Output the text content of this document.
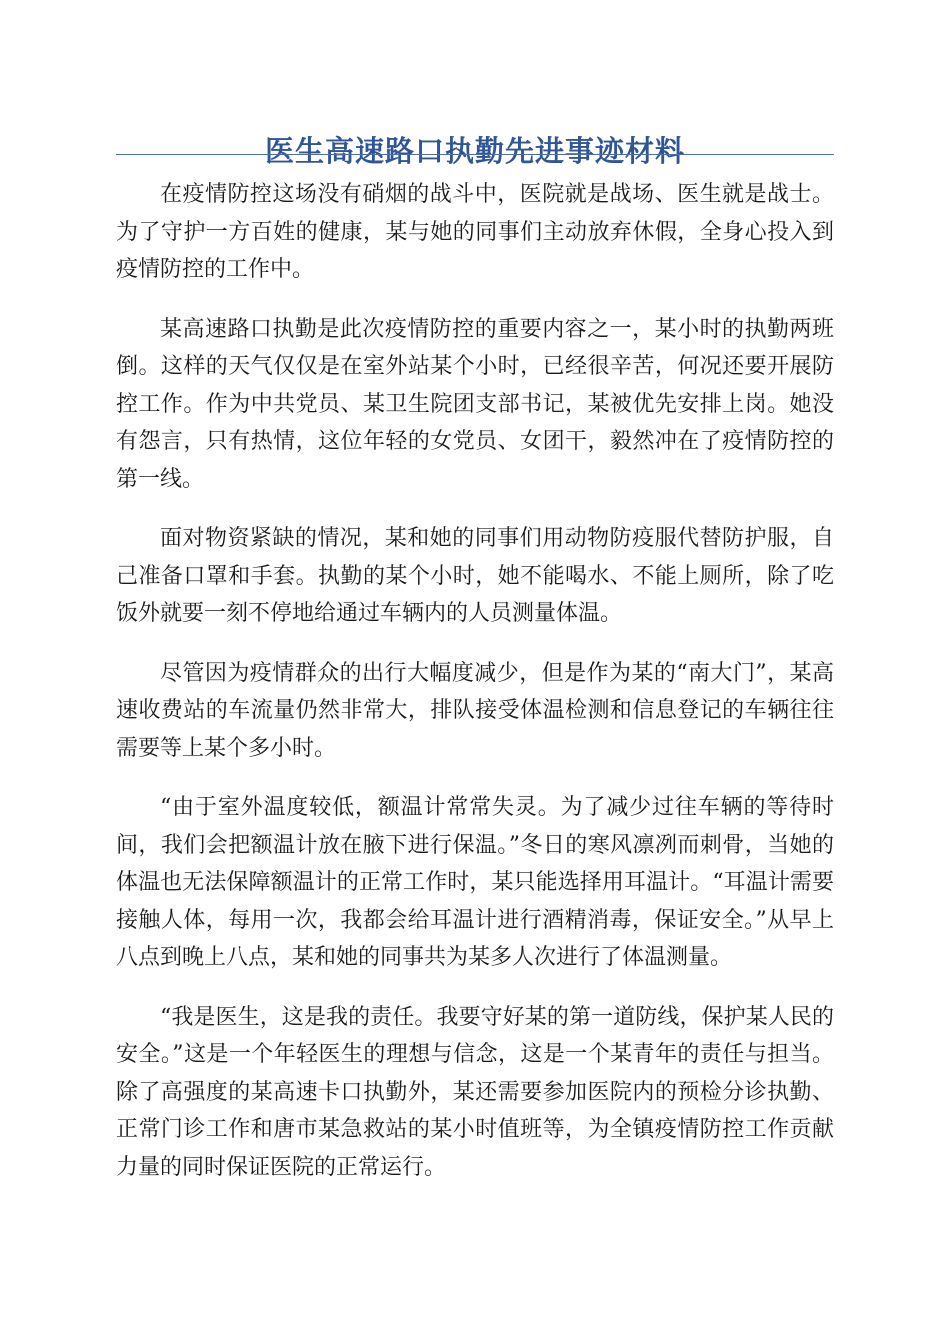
医生高速路口执勤先进事迹材料

在疫情防控这场没有硝烟的战斗中，医院就是战场、医生就是战士。为了守护一方百姓的健康，某与她的同事们主动放弃休假，全身心投入到疫情防控的工作中。

某高速路口执勤是此次疫情防控的重要内容之一，某小时的执勤两班倒。这样的天气仅仅是在室外站某个小时，已经很辛苦，何况还要开展防控工作。作为中共党员、某卫生院团支部书记，某被优先安排上岗。她没有怨言，只有热情，这位年轻的女党员、女团干，毅然冲在了疫情防控的第一线。

面对物资紧缺的情况，某和她的同事们用动物防疫服代替防护服，自己准备口罩和手套。执勤的某个小时，她不能喝水、不能上厕所，除了吃饭外就要一刻不停地给通过车辆内的人员测量体温。

尽管因为疫情群众的出行大幅度减少，但是作为某的“南大门”，某高速收费站的车流量仍然非常大，排队接受体温检测和信息登记的车辆往往需要等上某个多小时。

“由于室外温度较低，额温计常常失灵。为了减少过往车辆的等待时间，我们会把额温计放在腋下进行保温。”冬日的寒风凛冽而刺骨，当她的体温也无法保障额温计的正常工作时，某只能选择用耳温计。“耳温计需要接触人体，每用一次，我都会给耳温计进行酒精消毒，保证安全。”从早上八点到晚上八点，某和她的同事共为某多人次进行了体温测量。

“我是医生，这是我的责任。我要守好某的第一道防线，保护某人民的安全。”这是一个年轻医生的理想与信念，这是一个某青年的责任与担当。除了高强度的某高速卡口执勤外，某还需要参加医院内的预检分诊执勤、正常门诊工作和唐市某急救站的某小时值班等，为全镇疫情防控工作贡献力量的同时保证医院的正常运行。
